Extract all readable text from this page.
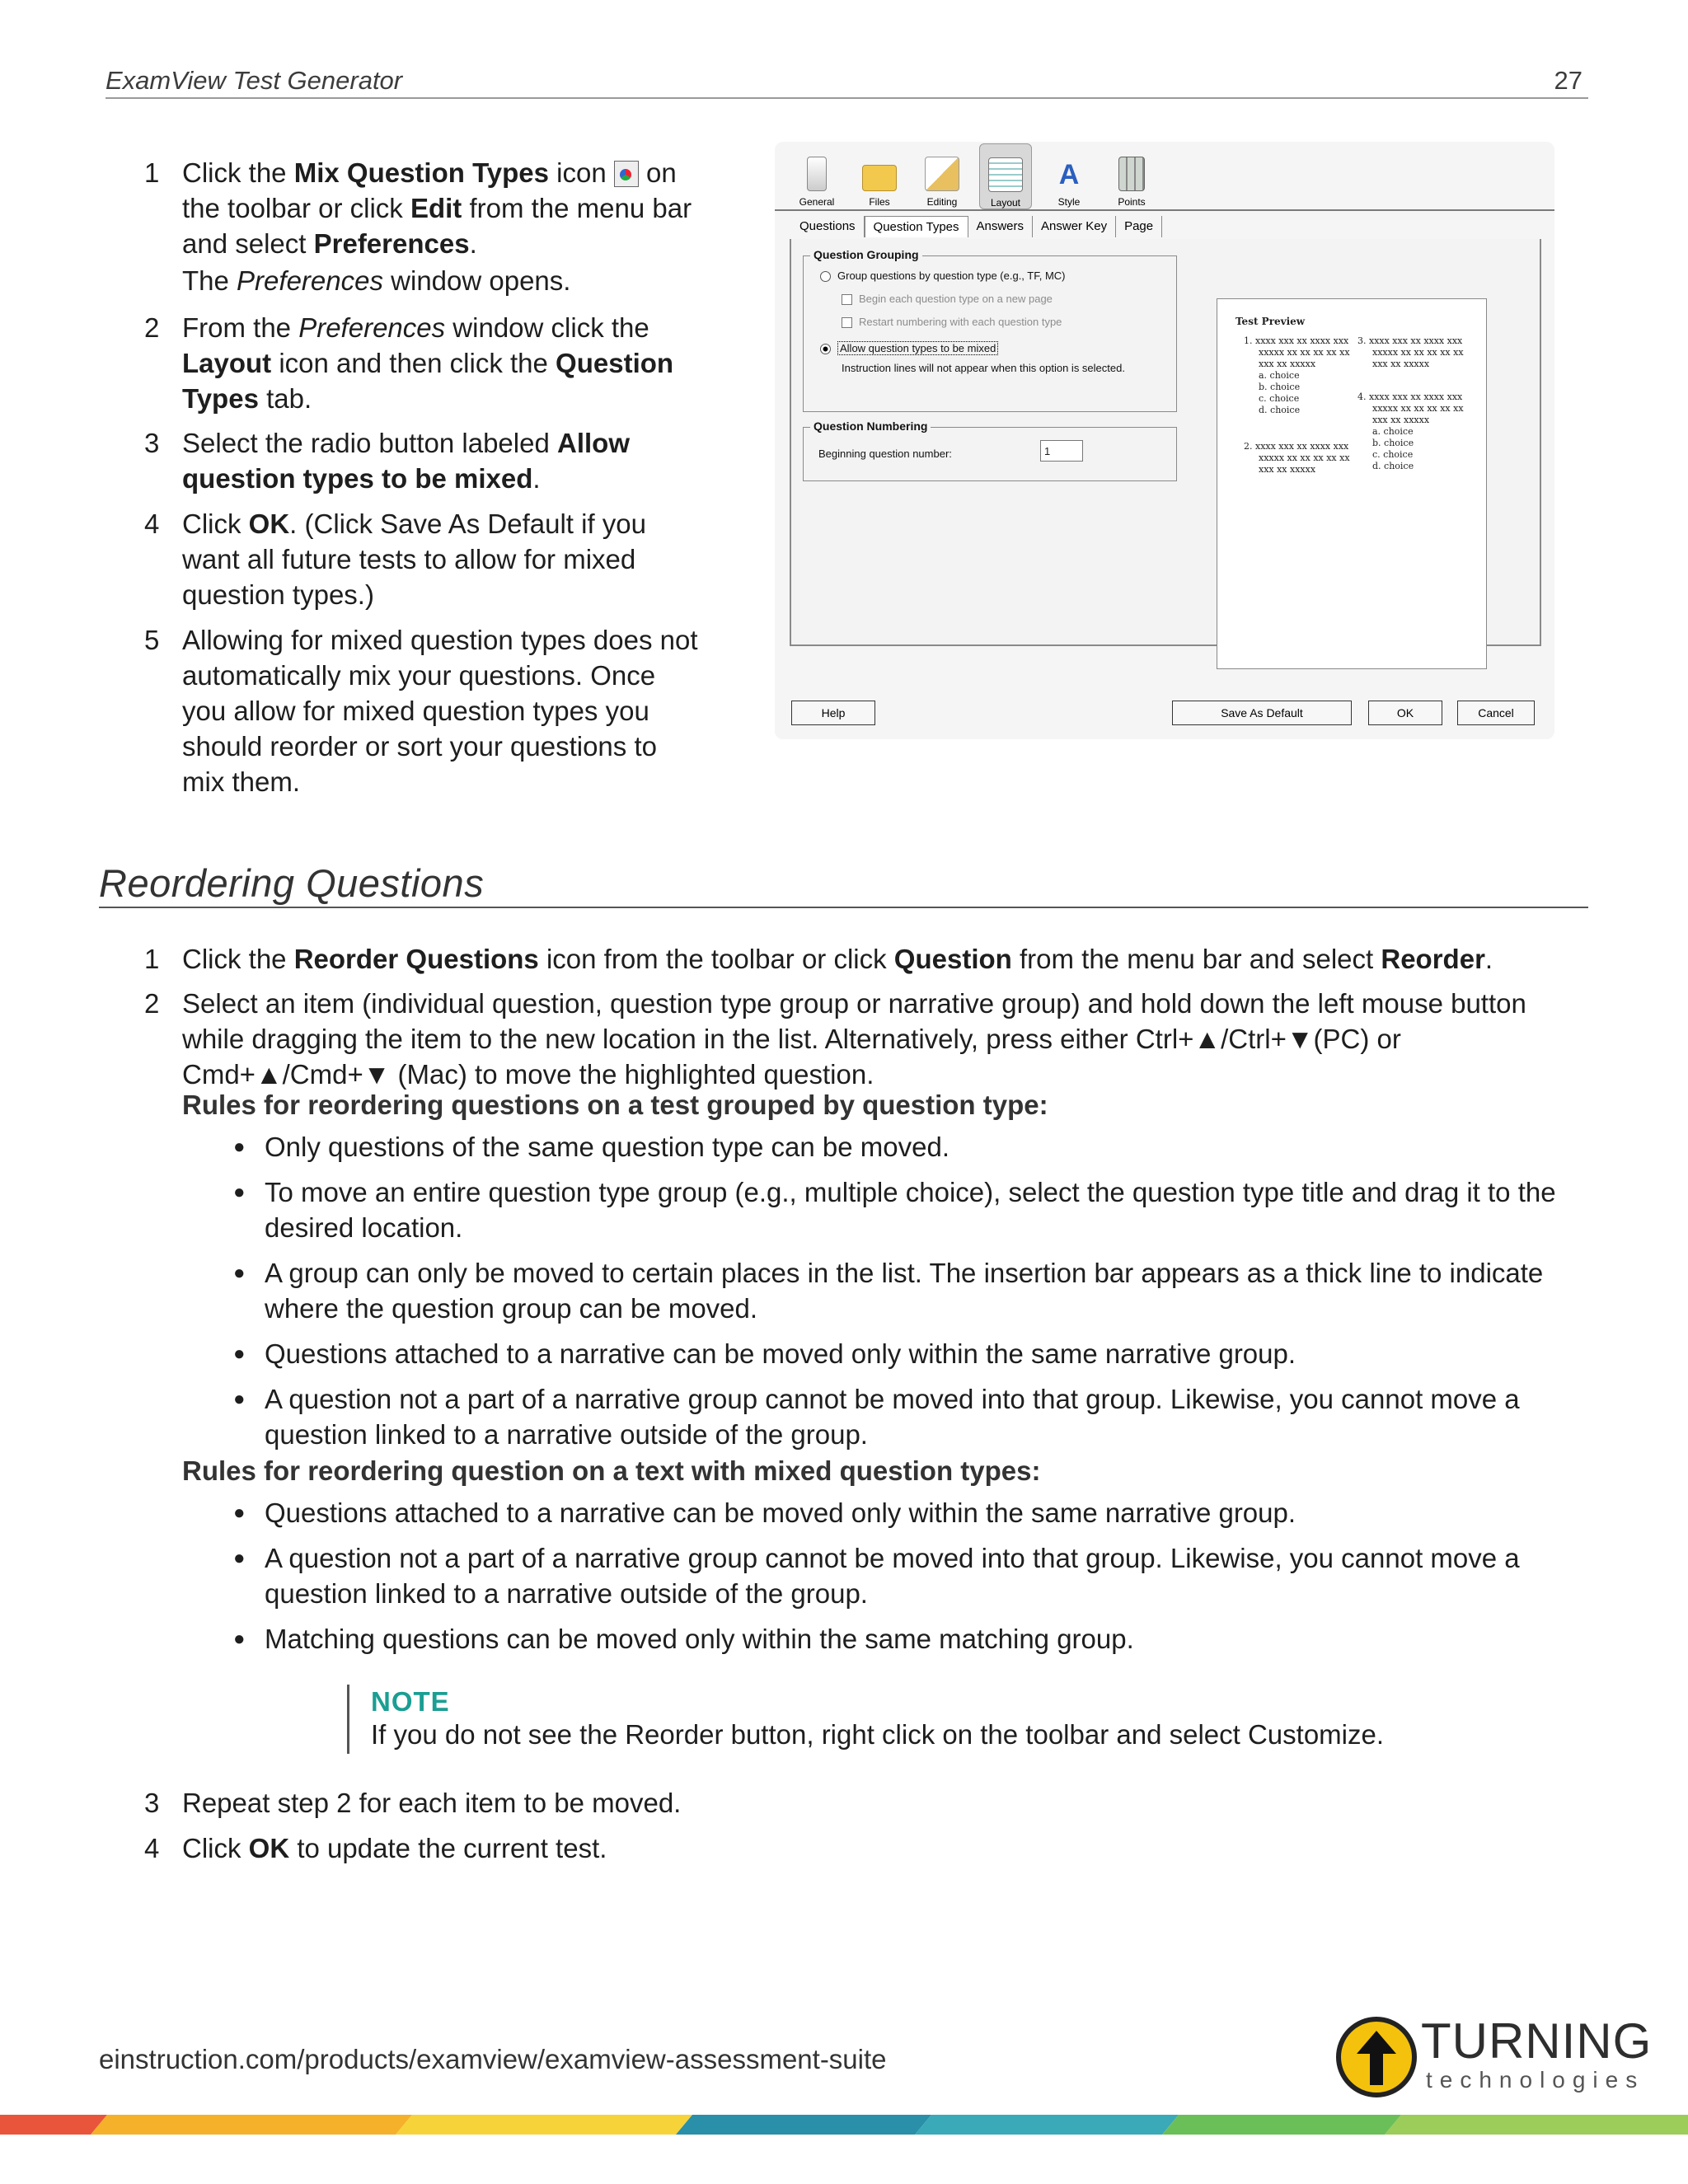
ExamView Test Generator	27
1 Click the Mix Question Types icon
on the toolbar or click Edit from the menu bar and select Preferences.
The Preferences window opens.
2 From the Preferences window click the Layout icon and then click the Question Types tab.
3 Select the radio button labeled Allow question types to be mixed.
4 Click OK. (Click Save As Default if you want all future tests to allow for mixed question types.)
5 Allowing for mixed question types does not automatically mix your questions. Once you allow for mixed question types you should reorder or sort your questions to mix them.
General	Files	Editing	Layout
A
Style	Points
Questions	Question Types	Answers	Answer Key	Page
Question Grouping
Group questions by question type (e.g., TF, MC)
Begin each question type on a new page
Restart numbering with each question type
Allow question types to be mixed
Instruction lines will not appear when this option is selected.
Question Numbering
Beginning question number:	1
Test Preview
1. xxxx xxx xx xxxx xxx
xxxxx xx xx xx xx xx
xxx xx xxxxx
a. choice
b. choice
c. choice
d. choice
2. xxxx xxx xx xxxx xxx
xxxxx xx xx xx xx xx
xxx xx xxxxx
3. xxxx xxx xx xxxx xxx
xxxxx xx xx xx xx xx
xxx xx xxxxx
4. xxxx xxx xx xxxx xxx
xxxxx xx xx xx xx xx
xxx xx xxxxx
a. choice
b. choice
c. choice
d. choice
Help	Save As Default	OK	Cancel
Reordering Questions
1 Click the Reorder Questions icon from the toolbar or click Question from the menu bar and select Reorder.
2 Select an item (individual question, question type group or narrative group) and hold down the left mouse button while dragging the item to the new location in the list. Alternatively, press either Ctrl+▲/Ctrl+▼(PC) or Cmd+▲/Cmd+▼ (Mac) to move the highlighted question.
Rules for reordering questions on a test grouped by question type:
● Only questions of the same question type can be moved.
● To move an entire question type group (e.g., multiple choice), select the question type title and drag it to the desired location.
● A group can only be moved to certain places in the list. The insertion bar appears as a thick line to indicate where the question group can be moved.
● Questions attached to a narrative can be moved only within the same narrative group.
● A question not a part of a narrative group cannot be moved into that group. Likewise, you cannot move a question linked to a narrative outside of the group.
Rules for reordering question on a text with mixed question types:
● Questions attached to a narrative can be moved only within the same narrative group.
● A question not a part of a narrative group cannot be moved into that group. Likewise, you cannot move a question linked to a narrative outside of the group.
● Matching questions can be moved only within the same matching group.
NOTE
If you do not see the Reorder button, right click on the toolbar and select Customize.
3 Repeat step 2 for each item to be moved.
4 Click OK to update the current test.
einstruction.com/products/examview/examview-assessment-suite	TURNING
technologies
